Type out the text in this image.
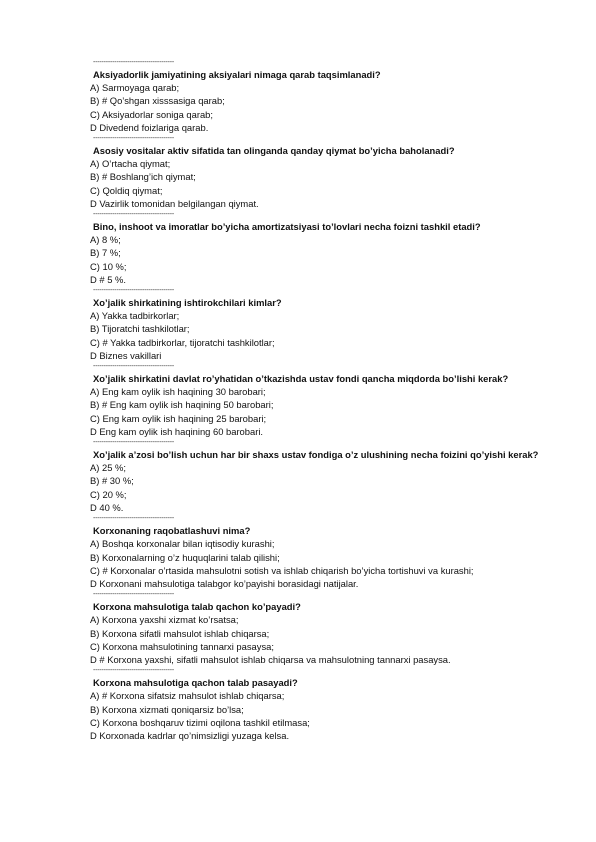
--------------------------------------
Aksiyadorlik jamiyatining aksiyalari nimaga qarab taqsimlanadi?
A) Sarmoyaga qarab;
B) # Qo’shgan xisssasiga qarab;
C) Aksiyadorlar soniga qarab;
D Divedend foizlariga qarab.
--------------------------------------
Asosiy vositalar aktiv sifatida tan olinganda qanday qiymat bo’yicha baholanadi?
A) O’rtacha qiymat;
B) # Boshlang’ich qiymat;
C) Qoldiq qiymat;
D Vazirlik tomonidan belgilangan qiymat.
--------------------------------------
Bino, inshoot va imoratlar bo’yicha amortizatsiyasi to’lovlari necha foizni tashkil etadi?
A) 8 %;
B) 7 %;
C) 10 %;
D # 5 %.
--------------------------------------
Xo’jalik shirkatining ishtirokchilari kimlar?
A) Yakka tadbirkorlar;
B) Tijoratchi tashkilotlar;
C) # Yakka tadbirkorlar, tijoratchi tashkilotlar;
D Biznes vakillari
--------------------------------------
Xo’jalik shirkatini davlat ro’yhatidan o’tkazishda ustav fondi qancha miqdorda bo’lishi kerak?
A) Eng kam oylik ish haqining 30 barobari;
B) # Eng kam oylik ish haqining 50 barobari;
C) Eng kam oylik ish haqining 25 barobari;
D Eng kam oylik ish haqining 60 barobari.
--------------------------------------
Xo’jalik a’zosi bo’lish uchun har bir shaxs ustav fondiga o’z ulushining necha foizini qo’yishi kerak?
A) 25 %;
B) # 30 %;
C) 20 %;
D 40 %.
--------------------------------------
Korxonaning raqobatlashuvi nima?
A) Boshqa korxonalar bilan iqtisodiy kurashi;
B) Korxonalarning o’z huquqlarini talab qilishi;
C) # Korxonalar o’rtasida mahsulotni sotish va ishlab chiqarish bo’yicha tortishuvi va kurashi;
D Korxonani mahsulotiga talabgor ko’payishi borasidagi natijalar.
--------------------------------------
Korxona mahsulotiga talab qachon ko’payadi?
A) Korxona yaxshi xizmat ko’rsatsa;
B) Korxona sifatli mahsulot ishlab chiqarsa;
C) Korxona mahsulotining tannarxi pasaysa;
D # Korxona yaxshi, sifatli mahsulot ishlab chiqarsa va mahsulotning tannarxi pasaysa.
--------------------------------------
Korxona mahsulotiga qachon talab pasayadi?
A) # Korxona sifatsiz mahsulot ishlab chiqarsa;
B) Korxona xizmati qoniqarsiz bo’lsa;
C) Korxona boshqaruv tizimi oqilona tashkil etilmasa;
D Korxonada kadrlar qo’nimsizligi yuzaga kelsa.
